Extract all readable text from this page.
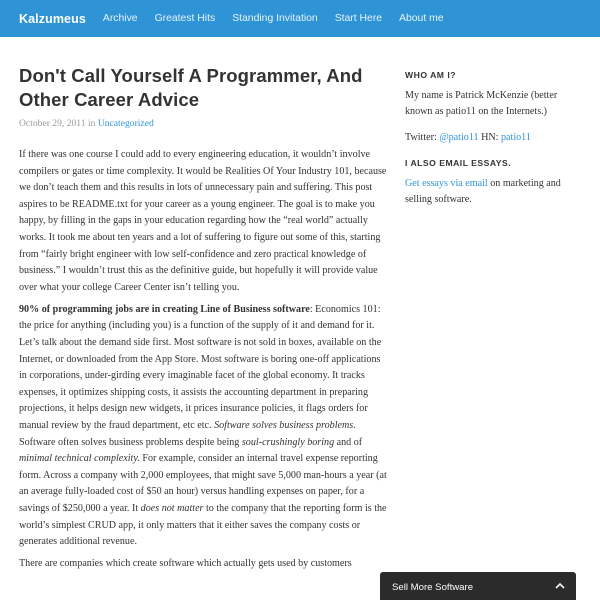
Kalzumeus Archive Greatest Hits Standing Invitation Start Here About me
Don't Call Yourself A Programmer, And Other Career Advice
October 29, 2011 in Uncategorized

If there was one course I could add to every engineering education, it wouldn’t involve compilers or gates or time complexity. It would be Realities Of Your Industry 101, because we don’t teach them and this results in lots of unnecessary pain and suffering. This post aspires to be README.txt for your career as a young engineer. The goal is to make you happy, by filling in the gaps in your education regarding how the “real world” actually works. It took me about ten years and a lot of suffering to figure out some of this, starting from “fairly bright engineer with low self-confidence and zero practical knowledge of business.” I wouldn’t trust this as the definitive guide, but hopefully it will provide value over what your college Career Center isn’t telling you.

90% of programming jobs are in creating Line of Business software: Economics 101: the price for anything (including you) is a function of the supply of it and demand for it. Let’s talk about the demand side first. Most software is not sold in boxes, available on the Internet, or downloaded from the App Store. Most software is boring one-off applications in corporations, under-girding every imaginable facet of the global economy. It tracks expenses, it optimizes shipping costs, it assists the accounting department in preparing projections, it helps design new widgets, it prices insurance policies, it flags orders for manual review by the fraud department, etc etc. Software solves business problems. Software often solves business problems despite being soul-crushingly boring and of minimal technical complexity. For example, consider an internal travel expense reporting form. Across a company with 2,000 employees, that might save 5,000 man-hours a year (at an average fully-loaded cost of $50 an hour) versus handling expenses on paper, for a savings of $250,000 a year. It does not matter to the company that the reporting form is the world’s simplest CRUD app, it only matters that it either saves the company costs or generates additional revenue.

There are companies which create software which actually gets used by customers

WHO AM I?
My name is Patrick McKenzie (better known as patio11 on the Internets.)
Twitter: @patio11 HN: patio11
I ALSO EMAIL ESSAYS.
Get essays via email on marketing and selling software.
Sell More Software
